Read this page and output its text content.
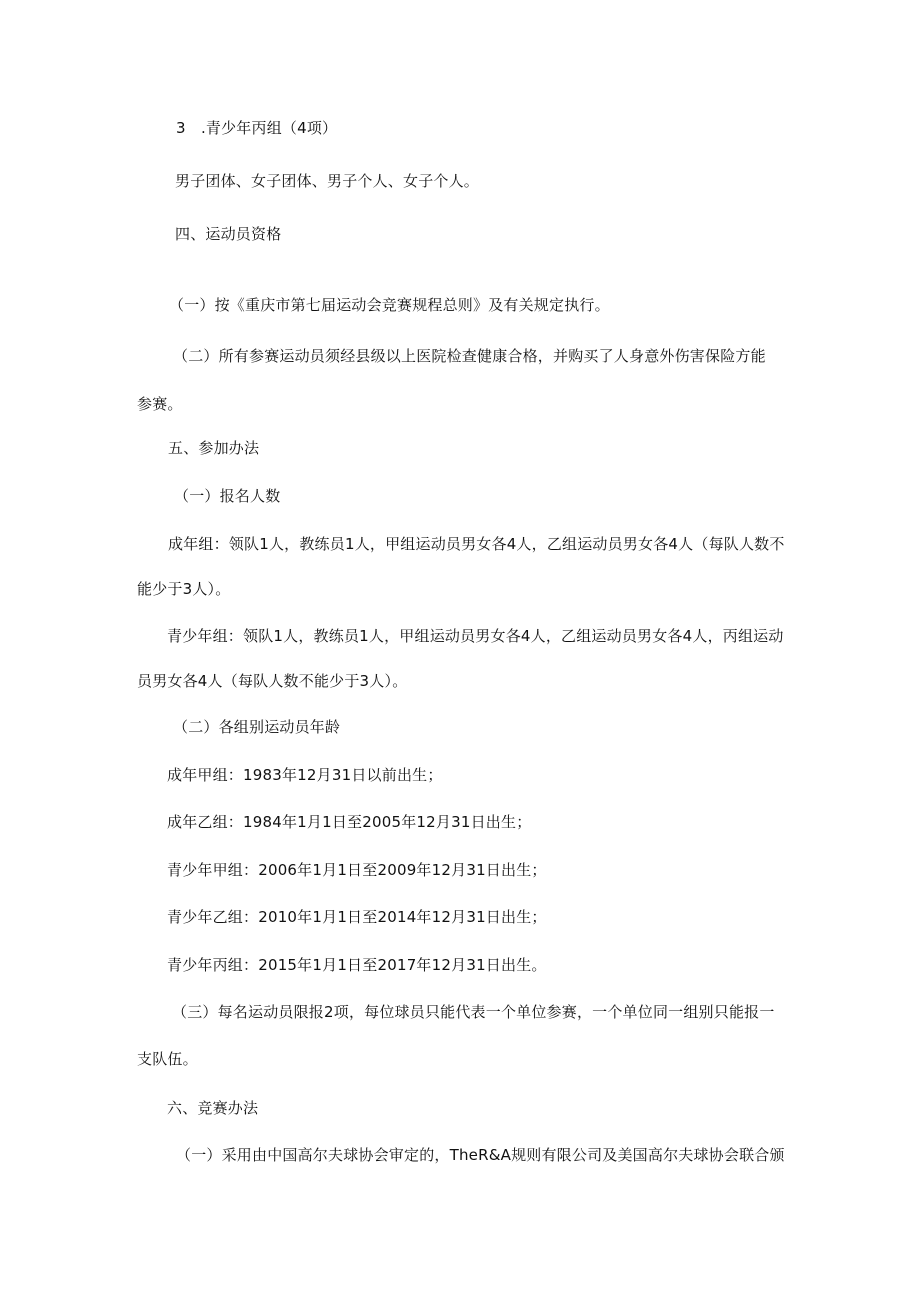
3　.青少年丙组（4项）
男子团体、女子团体、男子个人、女子个人。
四、运动员资格
（一）按《重庆市第七届运动会竞赛规程总则》及有关规定执行。
（二）所有参赛运动员须经县级以上医院检查健康合格，并购买了人身意外伤害保险方能
参赛。
五、参加办法
（一）报名人数
成年组：领队1人，教练员1人，甲组运动员男女各4人，乙组运动员男女各4人（每队人数不
能少于3人）。
青少年组：领队1人，教练员1人，甲组运动员男女各4人，乙组运动员男女各4人，丙组运动
员男女各4人（每队人数不能少于3人）。
（二）各组别运动员年龄
成年甲组：1983年12月31日以前出生；
成年乙组：1984年1月1日至2005年12月31日出生；
青少年甲组：2006年1月1日至2009年12月31日出生；
青少年乙组：2010年1月1日至2014年12月31日出生；
青少年丙组：2015年1月1日至2017年12月31日出生。
（三）每名运动员限报2项，每位球员只能代表一个单位参赛，一个单位同一组别只能报一
支队伍。
六、竞赛办法
（一）采用由中国高尔夫球协会审定的，TheR&A规则有限公司及美国高尔夫球协会联合颁
